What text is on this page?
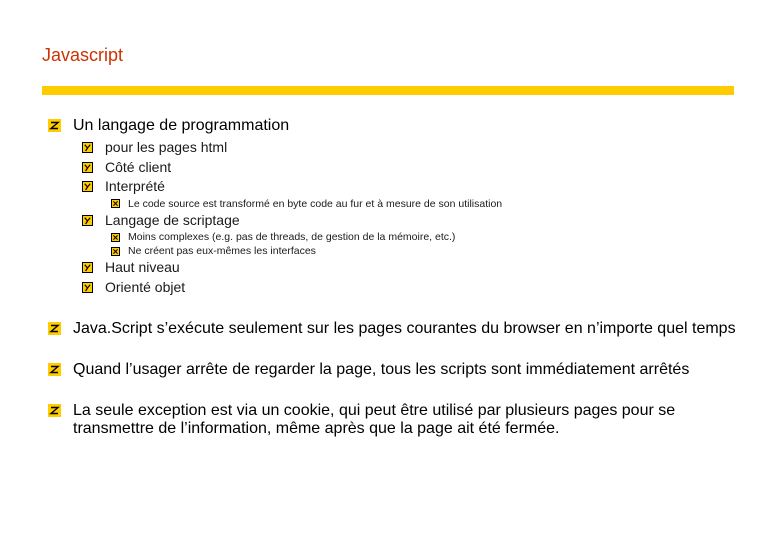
Javascript
Un langage de programmation
pour les pages html
Côté client
Interprété
Le code source est transformé en byte code au fur et à mesure de son utilisation
Langage de scriptage
Moins complexes (e.g. pas de threads, de gestion de la mémoire, etc.)
Ne créent pas eux-mêmes les interfaces
Haut niveau
Orienté objet
Java.Script s’exécute seulement sur les pages courantes du browser en n’importe quel temps
Quand l’usager arrête de regarder la page, tous les scripts sont immédiatement arrêtés
La seule exception est via un cookie, qui peut être utilisé par plusieurs pages pour se transmettre de l’information, même après que la page ait été fermée.
